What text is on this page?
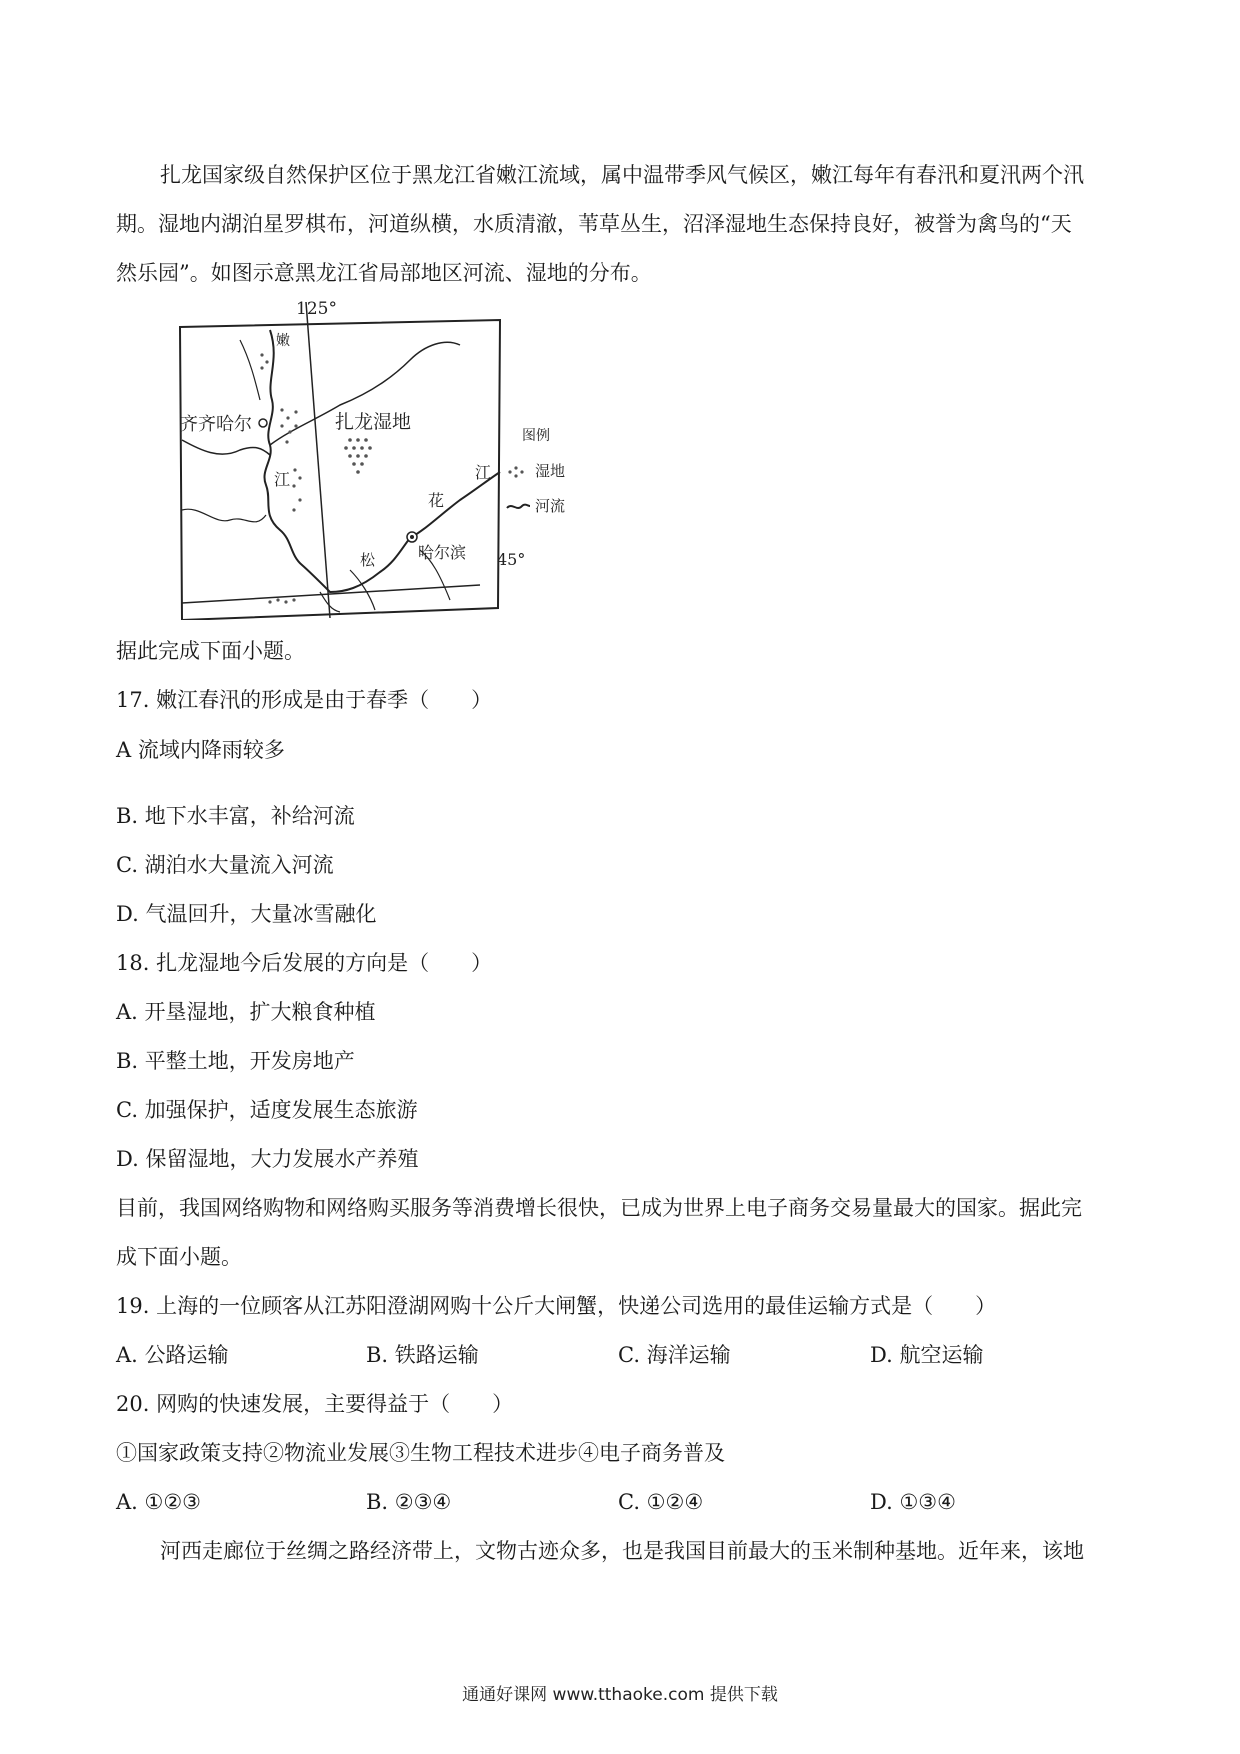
扎龙国家级自然保护区位于黑龙江省嫩江流域，属中温带季风气候区，嫩江每年有春汛和夏汛两个汛
期。湿地内湖泊星罗棋布，河道纵横，水质清澈，苇草丛生，沼泽湿地生态保持良好，被誉为禽鸟的“天
然乐园”。如图示意黑龙江省局部地区河流、湿地的分布。
125°
嫩
扎龙湿地
齐齐哈尔
江
花
江
松	哈尔滨 45°
图例
湿地
河流
据此完成下面小题。
17. 嫩江春汛的形成是由于春季（　　）
A 流域内降雨较多
B. 地下水丰富，补给河流
C. 湖泊水大量流入河流
D. 气温回升，大量冰雪融化
18. 扎龙湿地今后发展的方向是（　　）
A. 开垦湿地，扩大粮食种植
B. 平整土地，开发房地产
C. 加强保护，适度发展生态旅游
D. 保留湿地，大力发展水产养殖
目前，我国网络购物和网络购买服务等消费增长很快，已成为世界上电子商务交易量最大的国家。据此完
成下面小题。
19. 上海的一位顾客从江苏阳澄湖网购十公斤大闸蟹，快递公司选用的最佳运输方式是（　　）
A. 公路运输	B. 铁路运输	C. 海洋运输	D. 航空运输
20. 网购的快速发展，主要得益于（　　）
①国家政策支持②物流业发展③生物工程技术进步④电子商务普及
A. ①②③	B. ②③④	C. ①②④	D. ①③④
河西走廊位于丝绸之路经济带上，文物古迹众多，也是我国目前最大的玉米制种基地。近年来，该地
通通好课网 www.tthaoke.com 提供下载
